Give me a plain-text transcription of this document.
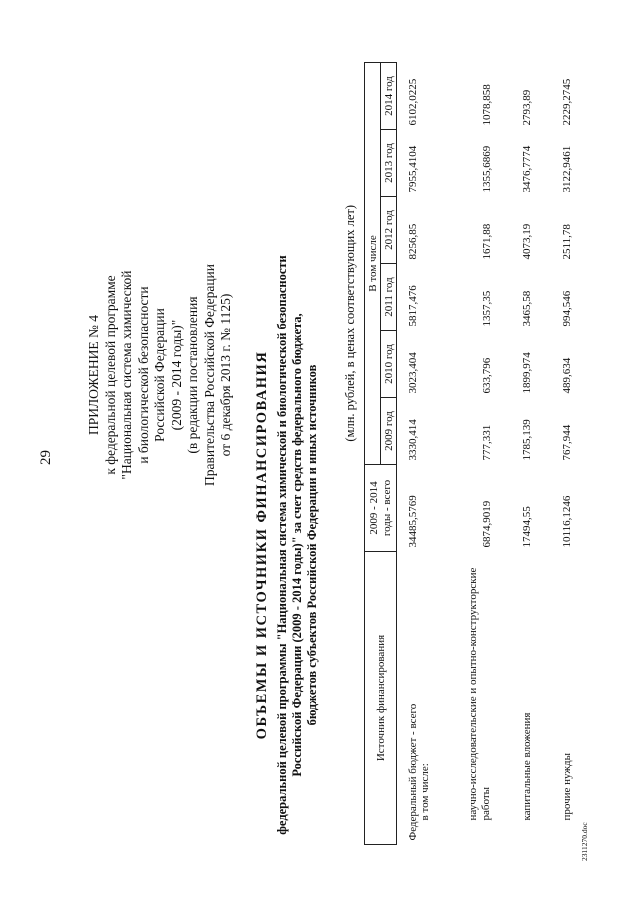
29
ПРИЛОЖЕНИЕ № 4 к федеральной целевой программе "Национальная система химической и биологической безопасности Российской Федерации (2009 - 2014 годы)" (в редакции постановления Правительства Российской Федерации от 6 декабря 2013 г. № 1125) ОБЪЕМЫ И ИСТОЧНИКИ ФИНАНСИРОВАНИЯ федеральной целевой программы "Национальная система химической и биологической безопасности Российской Федерации (2009 - 2014 годы)" за счет средств федерального бюджета, бюджетов субъектов Российской Федерации и иных источников
(млн. рублей, в ценах соответствующих лет)
Источник финансирования	2009 - 2014 годы - всего	В том числе					
		2009 год	2010 год	2011 год	2012 год	2013 год	2014 год
Федеральный бюджет - всего	34485,5769	3330,414	3023,404	5817,476	8256,85	7955,4104	6102,0225
в том числе:							
научно-исследовательские и опытно-конструкторские работы	6874,9019	777,331	633,796	1357,35	1671,88	1355,6869	1078,858
капитальные вложения	17494,55	1785,139	1899,974	3465,58	4073,19	3476,7774	2793,89
прочие нужды	10116,1246	767,944	489,634	994,546	2511,78	3122,9461	2229,2745
2311270.doc
